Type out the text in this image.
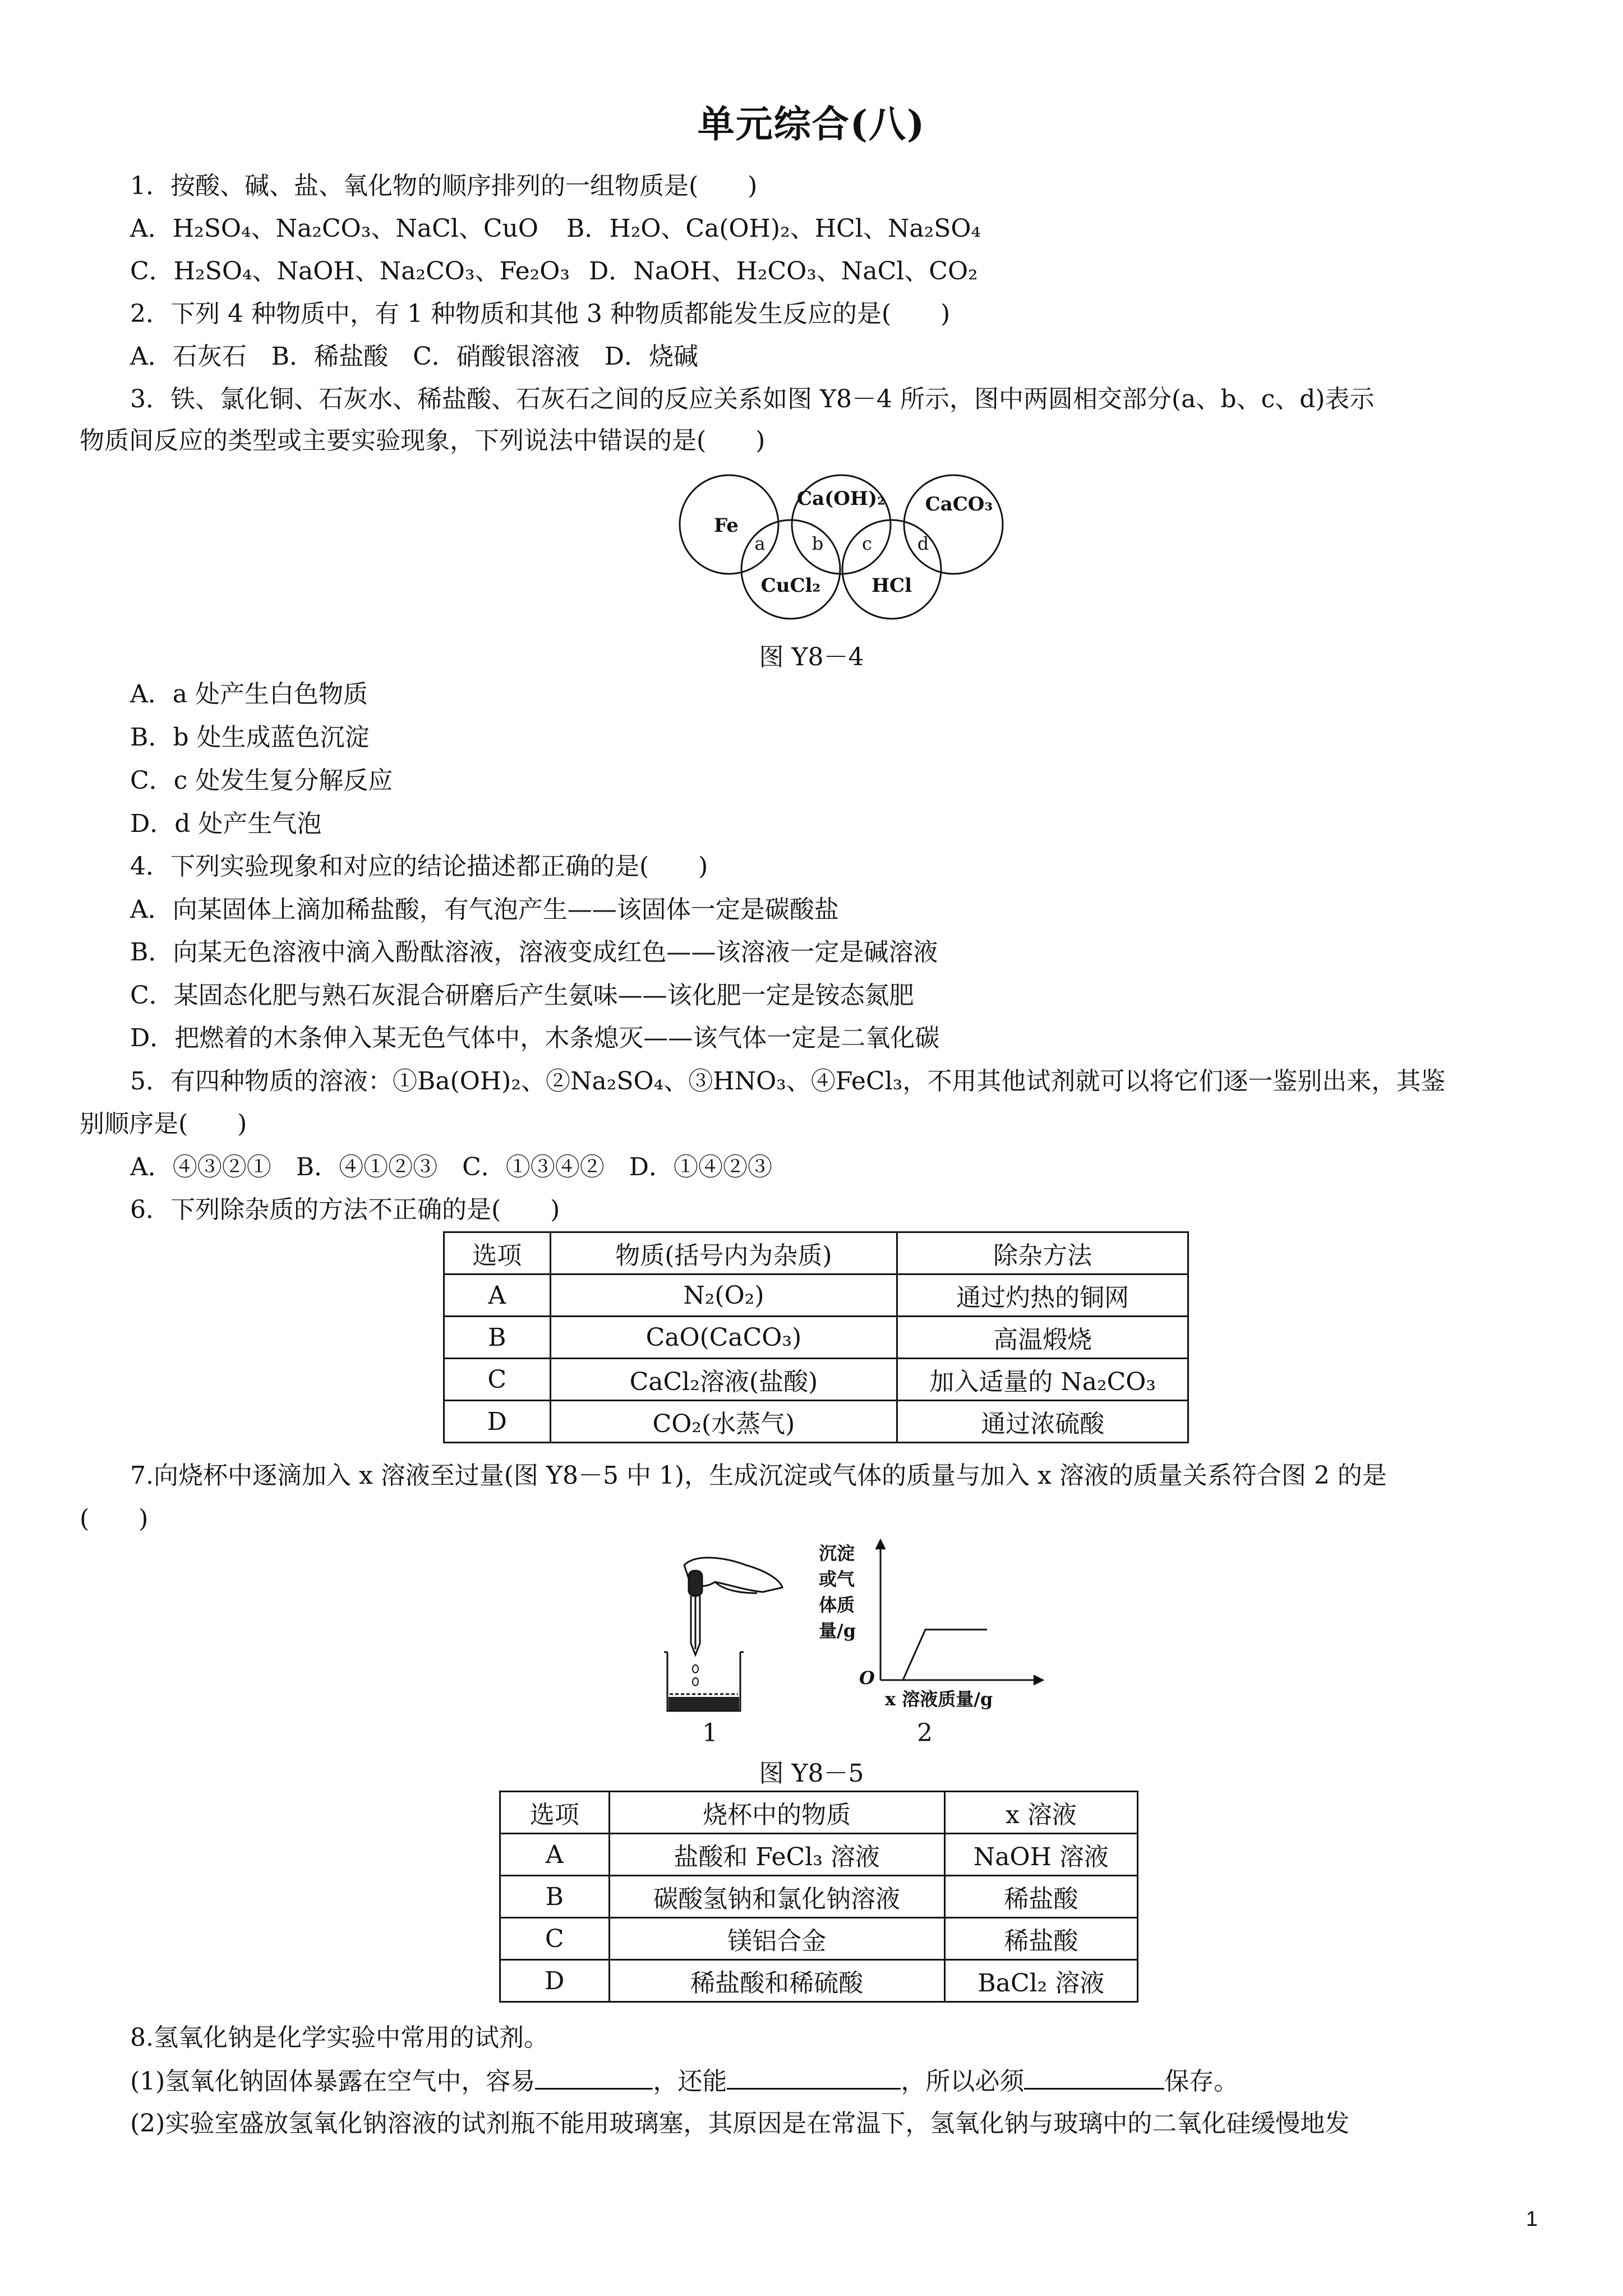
单元综合(八)
1．按酸、碱、盐、氧化物的顺序排列的一组物质是(　　)
A．H₂SO₄、Na₂CO₃、NaCl、CuO B．H₂O、Ca(OH)₂、HCl、Na₂SO₄
C．H₂SO₄、NaOH、Na₂CO₃、Fe₂O₃ D．NaOH、H₂CO₃、NaCl、CO₂
2．下列 4 种物质中，有 1 种物质和其他 3 种物质都能发生反应的是(　　)
A．石灰石　B．稀盐酸　C．硝酸银溶液　D．烧碱
3．铁、氯化铜、石灰水、稀盐酸、石灰石之间的反应关系如图 Y8－4 所示，图中两圆相交部分(a、b、c、d)表示
物质间反应的类型或主要实验现象，下列说法中错误的是(　　)
Fe
CuCl₂
Ca(OH)₂
HCl
CaCO₃
a	b c	d
图 Y8－4
A．a 处产生白色物质
B．b 处生成蓝色沉淀
C．c 处发生复分解反应
D．d 处产生气泡
4．下列实验现象和对应的结论描述都正确的是(　　)
A．向某固体上滴加稀盐酸，有气泡产生——该固体一定是碳酸盐
B．向某无色溶液中滴入酚酞溶液，溶液变成红色——该溶液一定是碱溶液
C．某固态化肥与熟石灰混合研磨后产生氨味——该化肥一定是铵态氮肥
D．把燃着的木条伸入某无色气体中，木条熄灭——该气体一定是二氧化碳
5．有四种物质的溶液：①Ba(OH)₂、②Na₂SO₄、③HNO₃、④FeCl₃，不用其他试剂就可以将它们逐一鉴别出来，其鉴
别顺序是(　　)
A．④③②①　B．④①②③　C．①③④②　D．①④②③
6．下列除杂质的方法不正确的是(　　)
选项	物质(括号内为杂质)	除杂方法
A	N₂(O₂)	通过灼热的铜网
B	CaO(CaCO₃)	高温煅烧
C	CaCl₂溶液(盐酸)	加入适量的 Na₂CO₃
D	CO₂(水蒸气)	通过浓硫酸
7.向烧杯中逐滴加入 x 溶液至过量(图 Y8－5 中 1)，生成沉淀或气体的质量与加入 x 溶液的质量关系符合图 2 的是
(　　)
1
沉淀
或气
体质
量/g
O
x 溶液质量/g
2
图 Y8－5
选项	烧杯中的物质	x 溶液
A	盐酸和 FeCl₃ 溶液	NaOH 溶液
B	碳酸氢钠和氯化钠溶液	稀盐酸
C	镁铝合金	稀盐酸
D	稀盐酸和稀硫酸	BaCl₂ 溶液
8.氢氧化钠是化学实验中常用的试剂。
(1)氢氧化钠固体暴露在空气中，容易	，还能	，所以必须	保存。
(2)实验室盛放氢氧化钠溶液的试剂瓶不能用玻璃塞，其原因是在常温下，氢氧化钠与玻璃中的二氧化硅缓慢地发
1
